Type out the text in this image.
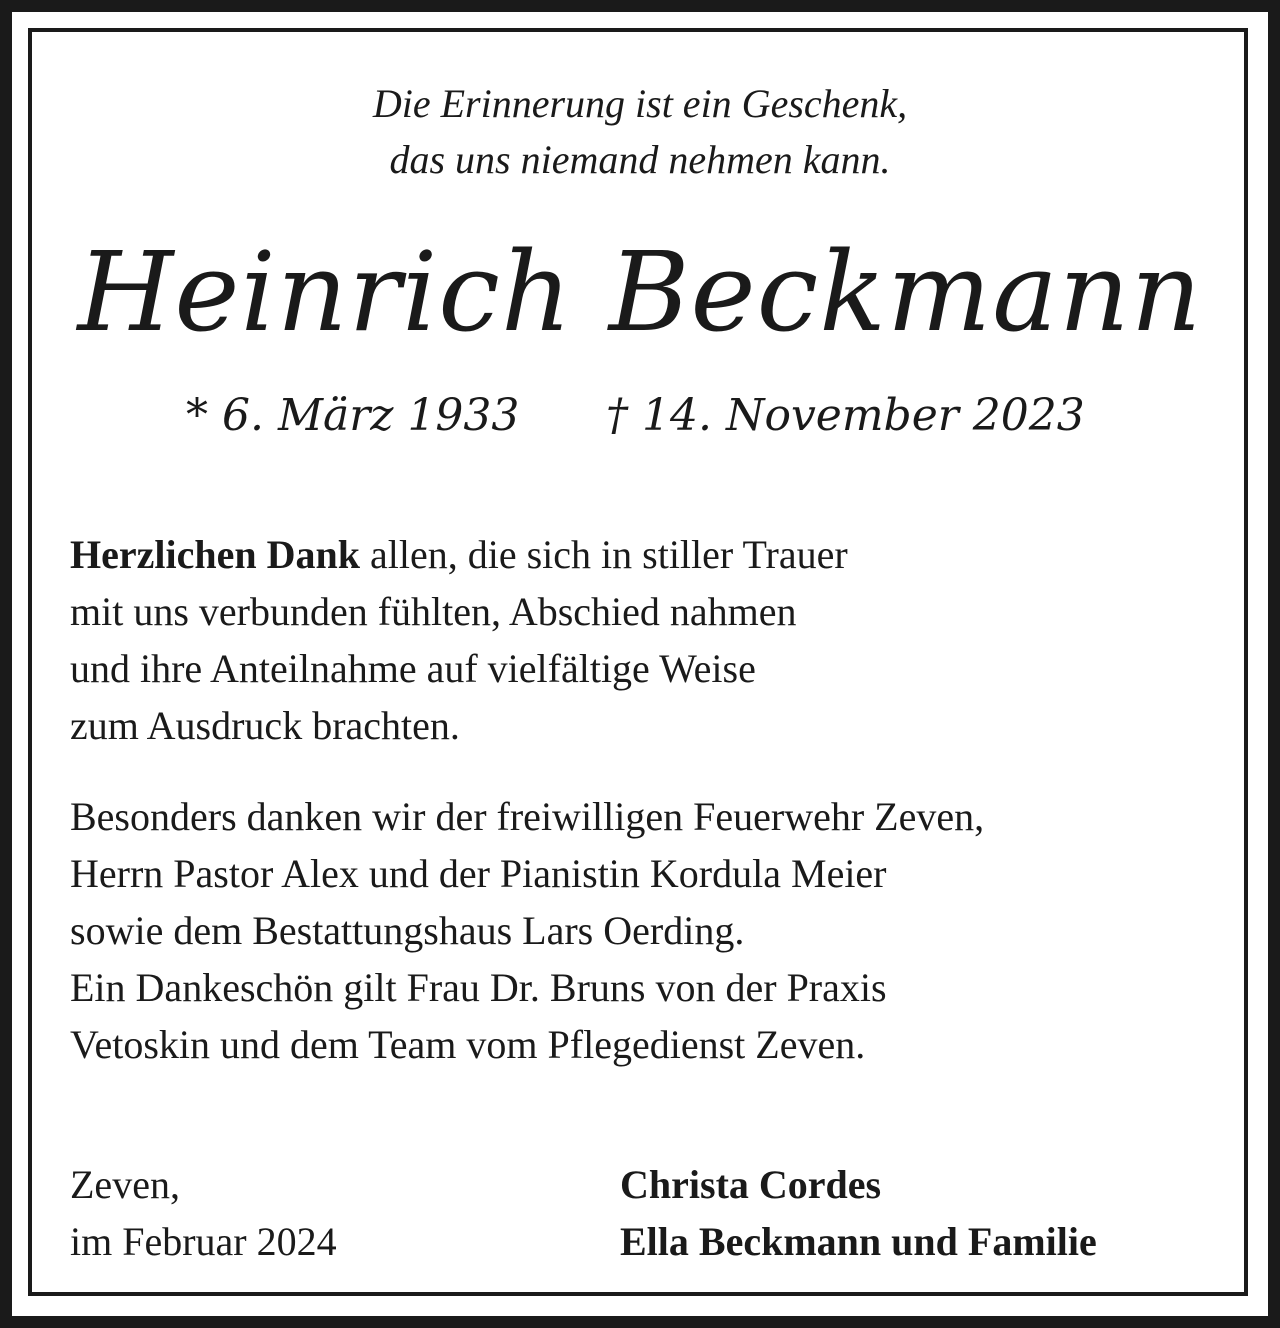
Die Erinnerung ist ein Geschenk,
das uns niemand nehmen kann.
Heinrich Beckmann
* 6. März 1933 † 14. November 2023
Herzlichen Dank allen, die sich in stiller Trauer
mit uns verbunden fühlten, Abschied nahmen
und ihre Anteilnahme auf vielfältige Weise
zum Ausdruck brachten.
Besonders danken wir der freiwilligen Feuerwehr Zeven,
Herrn Pastor Alex und der Pianistin Kordula Meier
sowie dem Bestattungshaus Lars Oerding.
Ein Dankeschön gilt Frau Dr. Bruns von der Praxis
Vetoskin und dem Team vom Pflegedienst Zeven.
Zeven,
im Februar 2024
Christa Cordes
Ella Beckmann und Familie
